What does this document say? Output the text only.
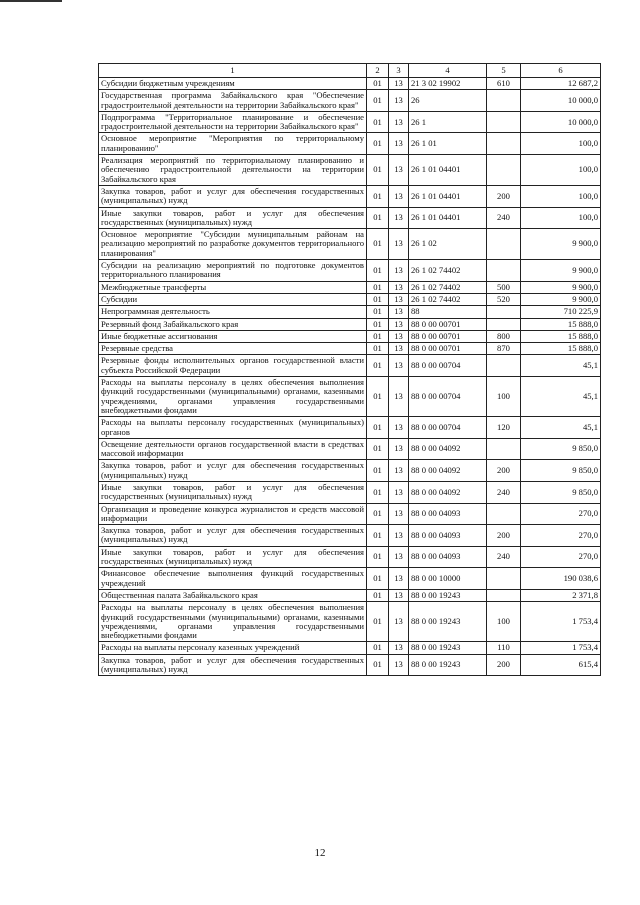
1	2	3	4	5	6
Субсидии бюджетным учреждениям	01	13	21 3 02 19902	610	12 687,2
Государственная программа Забайкальского края "Обеспечение градостроительной деятельности на территории Забайкальского края"	01	13	26		10 000,0
Подпрограмма "Территориальное планирование и обеспечение градостроительной деятельности на территории Забайкальского края"	01	13	26 1		10 000,0
Основное мероприятие "Мероприятия по территориальному планированию"	01	13	26 1 01		100,0
Реализация мероприятий по территориальному планированию и обеспечению градостроительной деятельности на территории Забайкальского края	01	13	26 1 01 04401		100,0
Закупка товаров, работ и услуг для обеспечения государственных (муниципальных) нужд	01	13	26 1 01 04401	200	100,0
Иные закупки товаров, работ и услуг для обеспечения государственных (муниципальных) нужд	01	13	26 1 01 04401	240	100,0
Основное мероприятие "Субсидии муниципальным районам на реализацию мероприятий по разработке документов территориального планирования"	01	13	26 1 02		9 900,0
Субсидии на реализацию мероприятий по подготовке документов территориального планирования	01	13	26 1 02 74402		9 900,0
Межбюджетные трансферты	01	13	26 1 02 74402	500	9 900,0
Субсидии	01	13	26 1 02 74402	520	9 900,0
Непрограммная деятельность	01	13	88		710 225,9
Резервный фонд Забайкальского края	01	13	88 0 00 00701		15 888,0
Иные бюджетные ассигнования	01	13	88 0 00 00701	800	15 888,0
Резервные средства	01	13	88 0 00 00701	870	15 888,0
Резервные фонды исполнительных органов государственной власти субъекта Российской Федерации	01	13	88 0 00 00704		45,1
Расходы на выплаты персоналу в целях обеспечения выполнения функций государственными (муниципальными) органами, казенными учреждениями, органами управления государственными внебюджетными фондами	01	13	88 0 00 00704	100	45,1
Расходы на выплаты персоналу государственных (муниципальных) органов	01	13	88 0 00 00704	120	45,1
Освещение деятельности органов государственной власти в средствах массовой информации	01	13	88 0 00 04092		9 850,0
Закупка товаров, работ и услуг для обеспечения государственных (муниципальных) нужд	01	13	88 0 00 04092	200	9 850,0
Иные закупки товаров, работ и услуг для обеспечения государственных (муниципальных) нужд	01	13	88 0 00 04092	240	9 850,0
Организация и проведение конкурса журналистов и средств массовой информации	01	13	88 0 00 04093		270,0
Закупка товаров, работ и услуг для обеспечения государственных (муниципальных) нужд	01	13	88 0 00 04093	200	270,0
Иные закупки товаров, работ и услуг для обеспечения государственных (муниципальных) нужд	01	13	88 0 00 04093	240	270,0
Финансовое обеспечение выполнения функций государственных учреждений	01	13	88 0 00 10000		190 038,6
Общественная палата Забайкальского края	01	13	88 0 00 19243		2 371,8
Расходы на выплаты персоналу в целях обеспечения выполнения функций государственными (муниципальными) органами, казенными учреждениями, органами управления государственными внебюджетными фондами	01	13	88 0 00 19243	100	1 753,4
Расходы на выплаты персоналу казенных учреждений	01	13	88 0 00 19243	110	1 753,4
Закупка товаров, работ и услуг для обеспечения государственных (муниципальных) нужд	01	13	88 0 00 19243	200	615,4
12
